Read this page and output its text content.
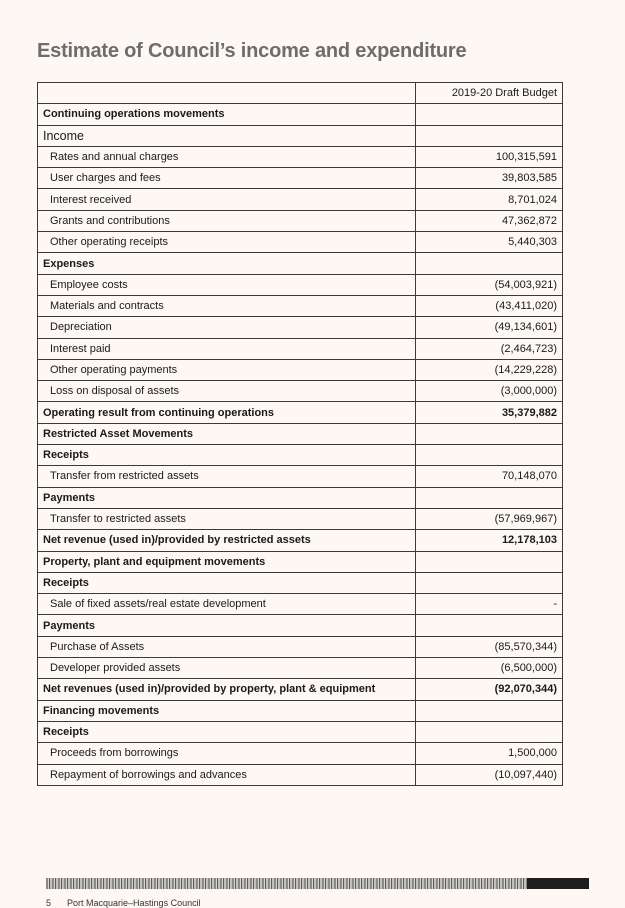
Estimate of Council’s income and expenditure
	2019-20 Draft Budget
Continuing operations movements	
Income	
Rates and annual charges	100,315,591
User charges and fees	39,803,585
Interest received	8,701,024
Grants and contributions	47,362,872
Other operating receipts	5,440,303
Expenses	
Employee costs	(54,003,921)
Materials and contracts	(43,411,020)
Depreciation	(49,134,601)
Interest paid	(2,464,723)
Other operating payments	(14,229,228)
Loss on disposal of assets	(3,000,000)
Operating result from continuing operations	35,379,882
Restricted Asset Movements	
Receipts	
Transfer from restricted assets	70,148,070
Payments	
Transfer to restricted assets	(57,969,967)
Net revenue (used in)/provided by restricted assets	12,178,103
Property, plant and equipment movements	
Receipts	
Sale of fixed assets/real estate development	-
Payments	
Purchase of Assets	(85,570,344)
Developer provided assets	(6,500,000)
Net revenues (used in)/provided by property, plant & equipment	(92,070,344)
Financing movements	
Receipts	
Proceeds from borrowings	1,500,000
Repayment of borrowings and advances	(10,097,440)
5 Port Macquarie–Hastings Council
